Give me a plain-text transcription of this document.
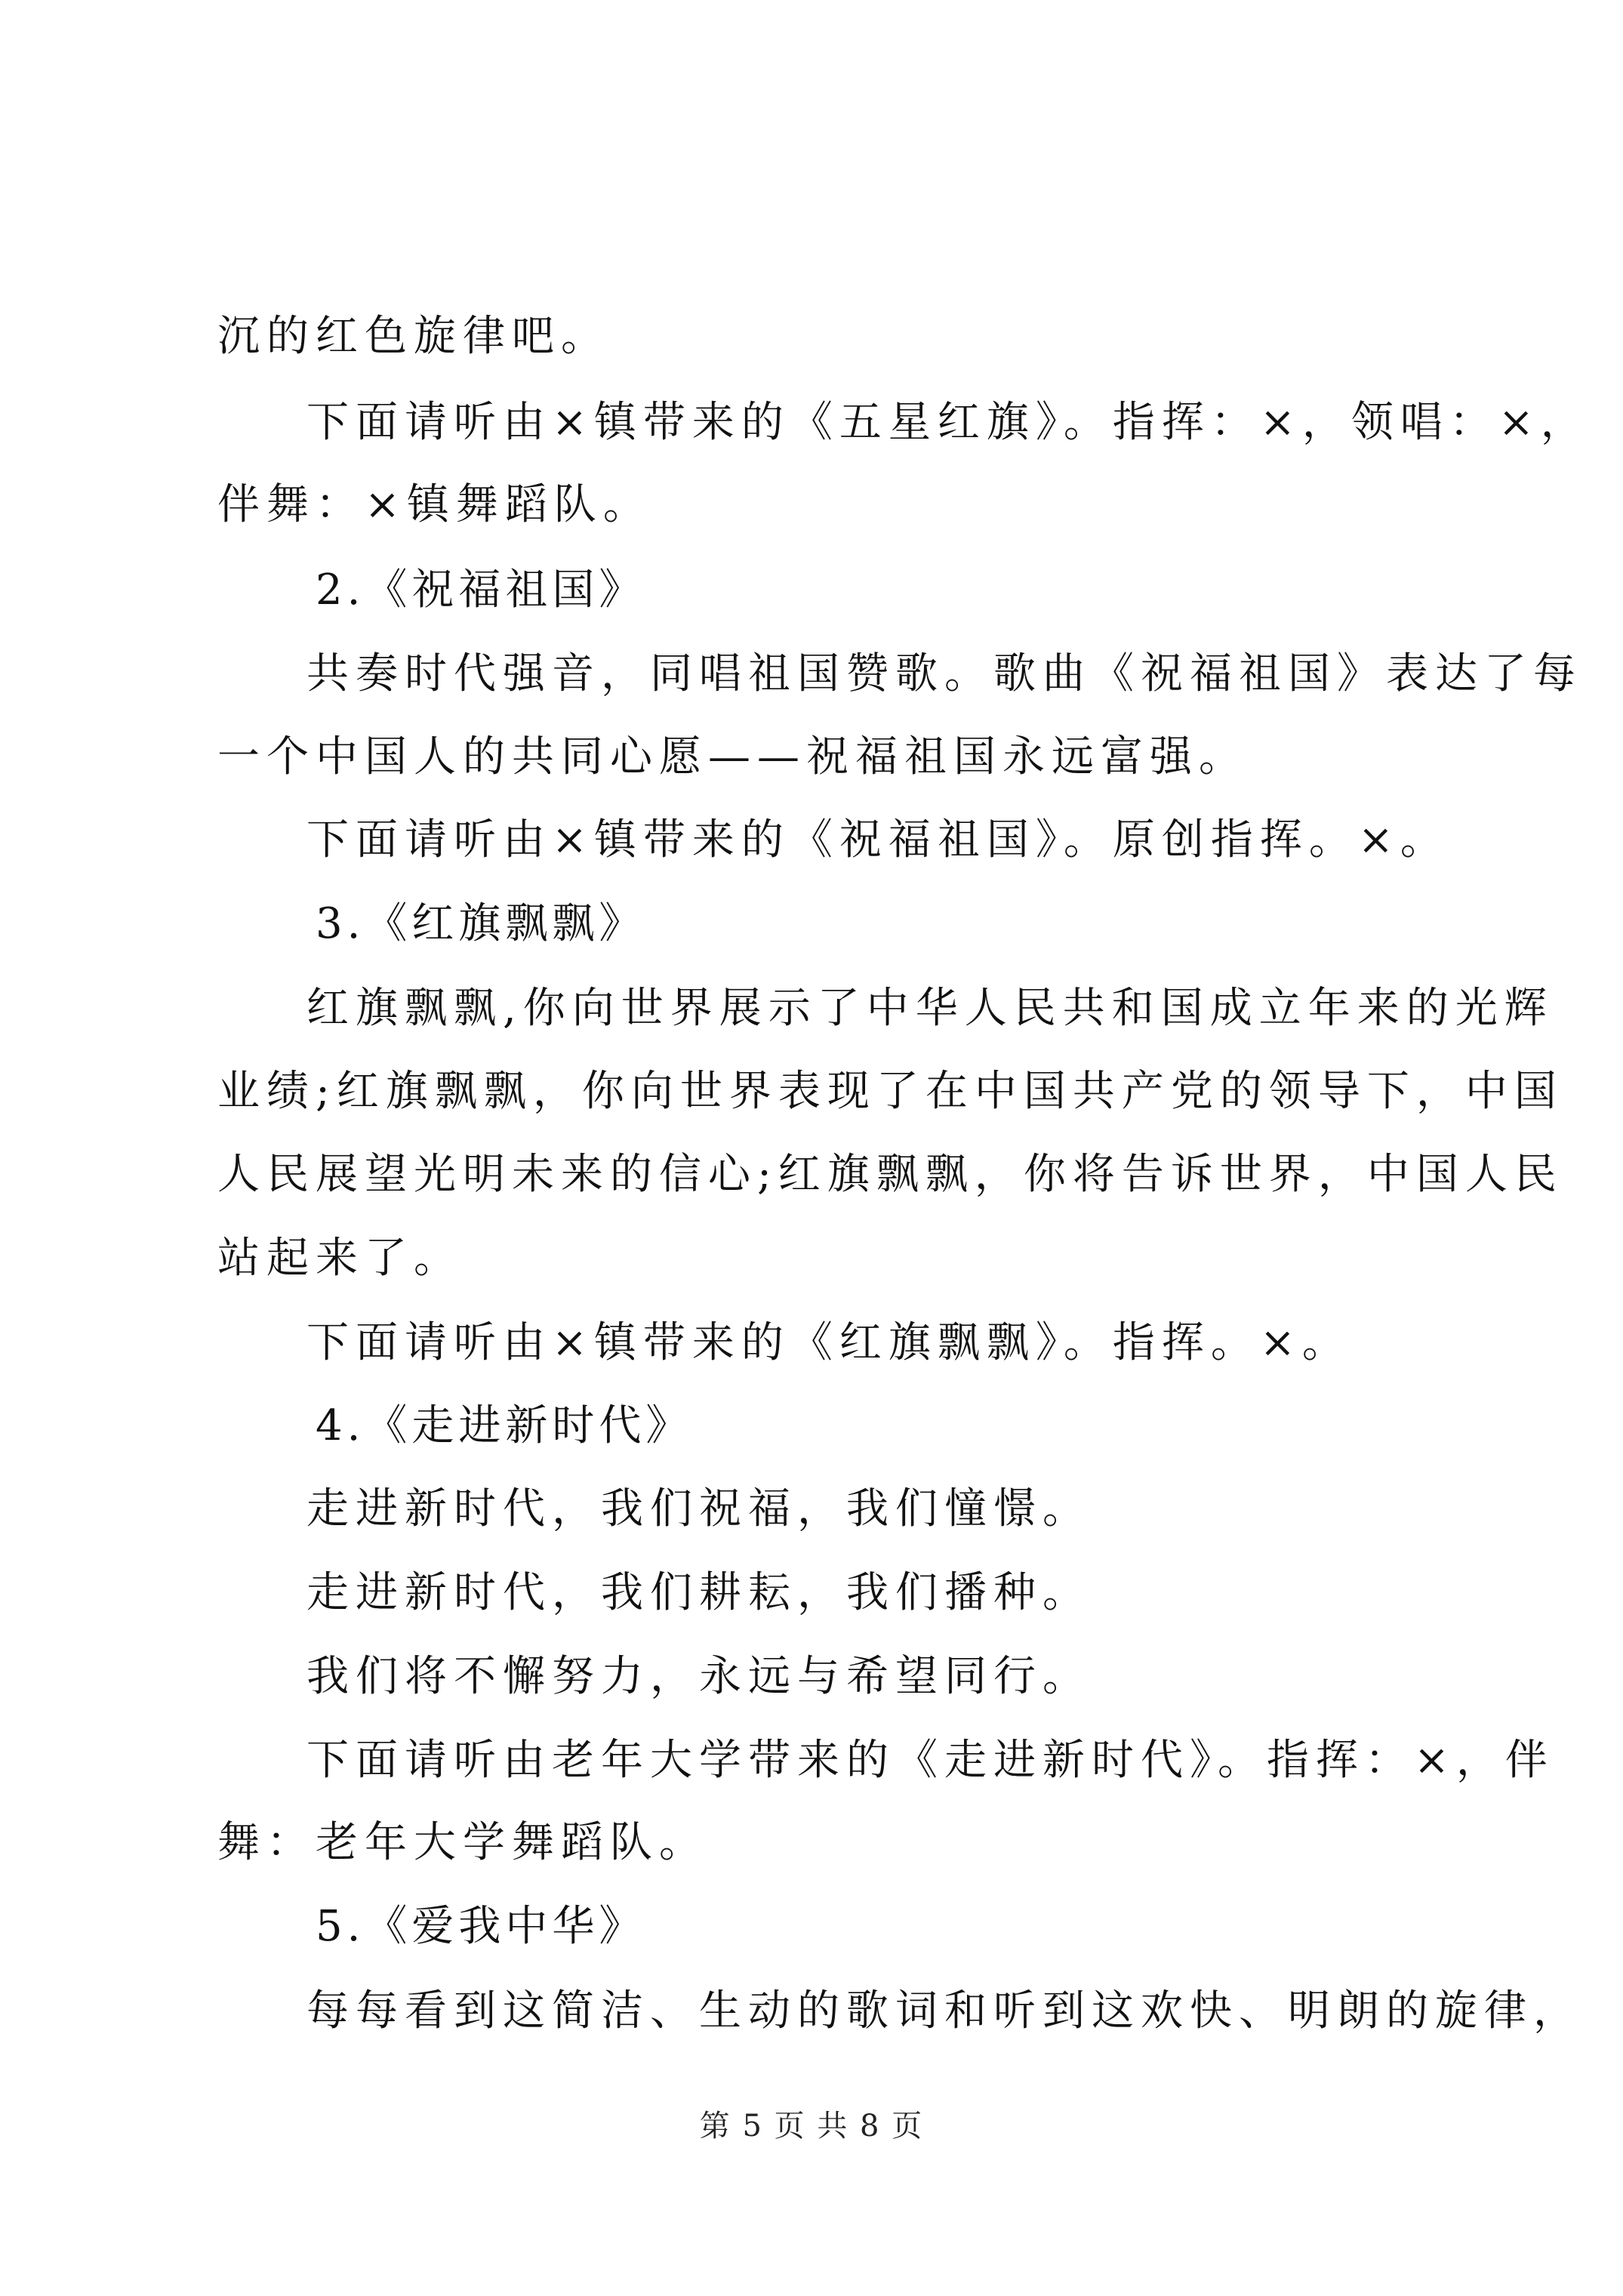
沉的红色旋律吧。
下面请听由×镇带来的《五星红旗》。指挥：×，领唱：×，
伴舞：×镇舞蹈队。
2.《祝福祖国》
共奏时代强音，同唱祖国赞歌。歌曲《祝福祖国》表达了每
一个中国人的共同心愿——祝福祖国永远富强。
下面请听由×镇带来的《祝福祖国》。原创指挥。×。
3.《红旗飘飘》
红旗飘飘,你向世界展示了中华人民共和国成立年来的光辉
业绩;红旗飘飘，你向世界表现了在中国共产党的领导下，中国
人民展望光明未来的信心;红旗飘飘，你将告诉世界，中国人民
站起来了。
下面请听由×镇带来的《红旗飘飘》。指挥。×。
4.《走进新时代》
走进新时代，我们祝福，我们憧憬。
走进新时代，我们耕耘，我们播种。
我们将不懈努力，永远与希望同行。
下面请听由老年大学带来的《走进新时代》。指挥：×，伴
舞：老年大学舞蹈队。
5.《爱我中华》
每每看到这简洁、生动的歌词和听到这欢快、明朗的旋律，
第 5 页 共 8 页
